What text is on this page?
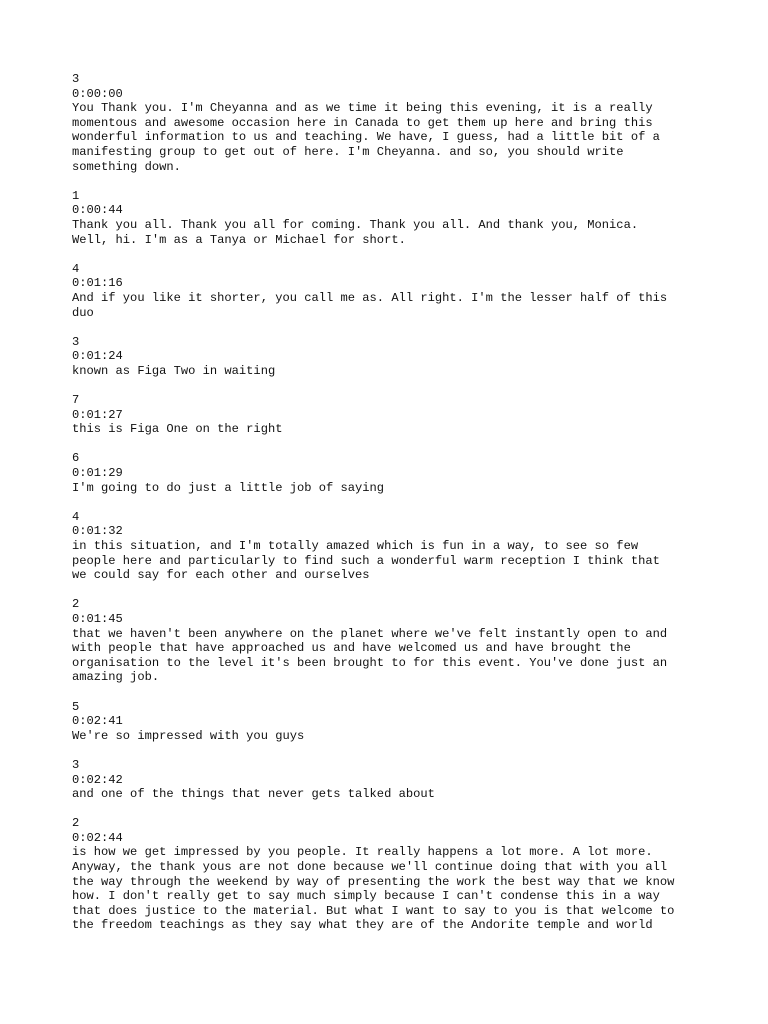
3
0:00:00
You Thank you. I'm Cheyanna and as we time it being this evening, it is a really
momentous and awesome occasion here in Canada to get them up here and bring this
wonderful information to us and teaching. We have, I guess, had a little bit of a
manifesting group to get out of here. I'm Cheyanna. and so, you should write
something down.
1
0:00:44
Thank you all. Thank you all for coming. Thank you all. And thank you, Monica.
Well, hi. I'm as a Tanya or Michael for short.
4
0:01:16
And if you like it shorter, you call me as. All right. I'm the lesser half of this
duo
3
0:01:24
known as Figa Two in waiting
7
0:01:27
this is Figa One on the right
6
0:01:29
I'm going to do just a little job of saying
4
0:01:32
in this situation, and I'm totally amazed which is fun in a way, to see so few
people here and particularly to find such a wonderful warm reception I think that
we could say for each other and ourselves
2
0:01:45
that we haven't been anywhere on the planet where we've felt instantly open to and
with people that have approached us and have welcomed us and have brought the
organisation to the level it's been brought to for this event. You've done just an
amazing job.
5
0:02:41
We're so impressed with you guys
3
0:02:42
and one of the things that never gets talked about
2
0:02:44
is how we get impressed by you people. It really happens a lot more. A lot more.
Anyway, the thank yous are not done because we'll continue doing that with you all
the way through the weekend by way of presenting the work the best way that we know
how. I don't really get to say much simply because I can't condense this in a way
that does justice to the material. But what I want to say to you is that welcome to
the freedom teachings as they say what they are of the Andorite temple and world
